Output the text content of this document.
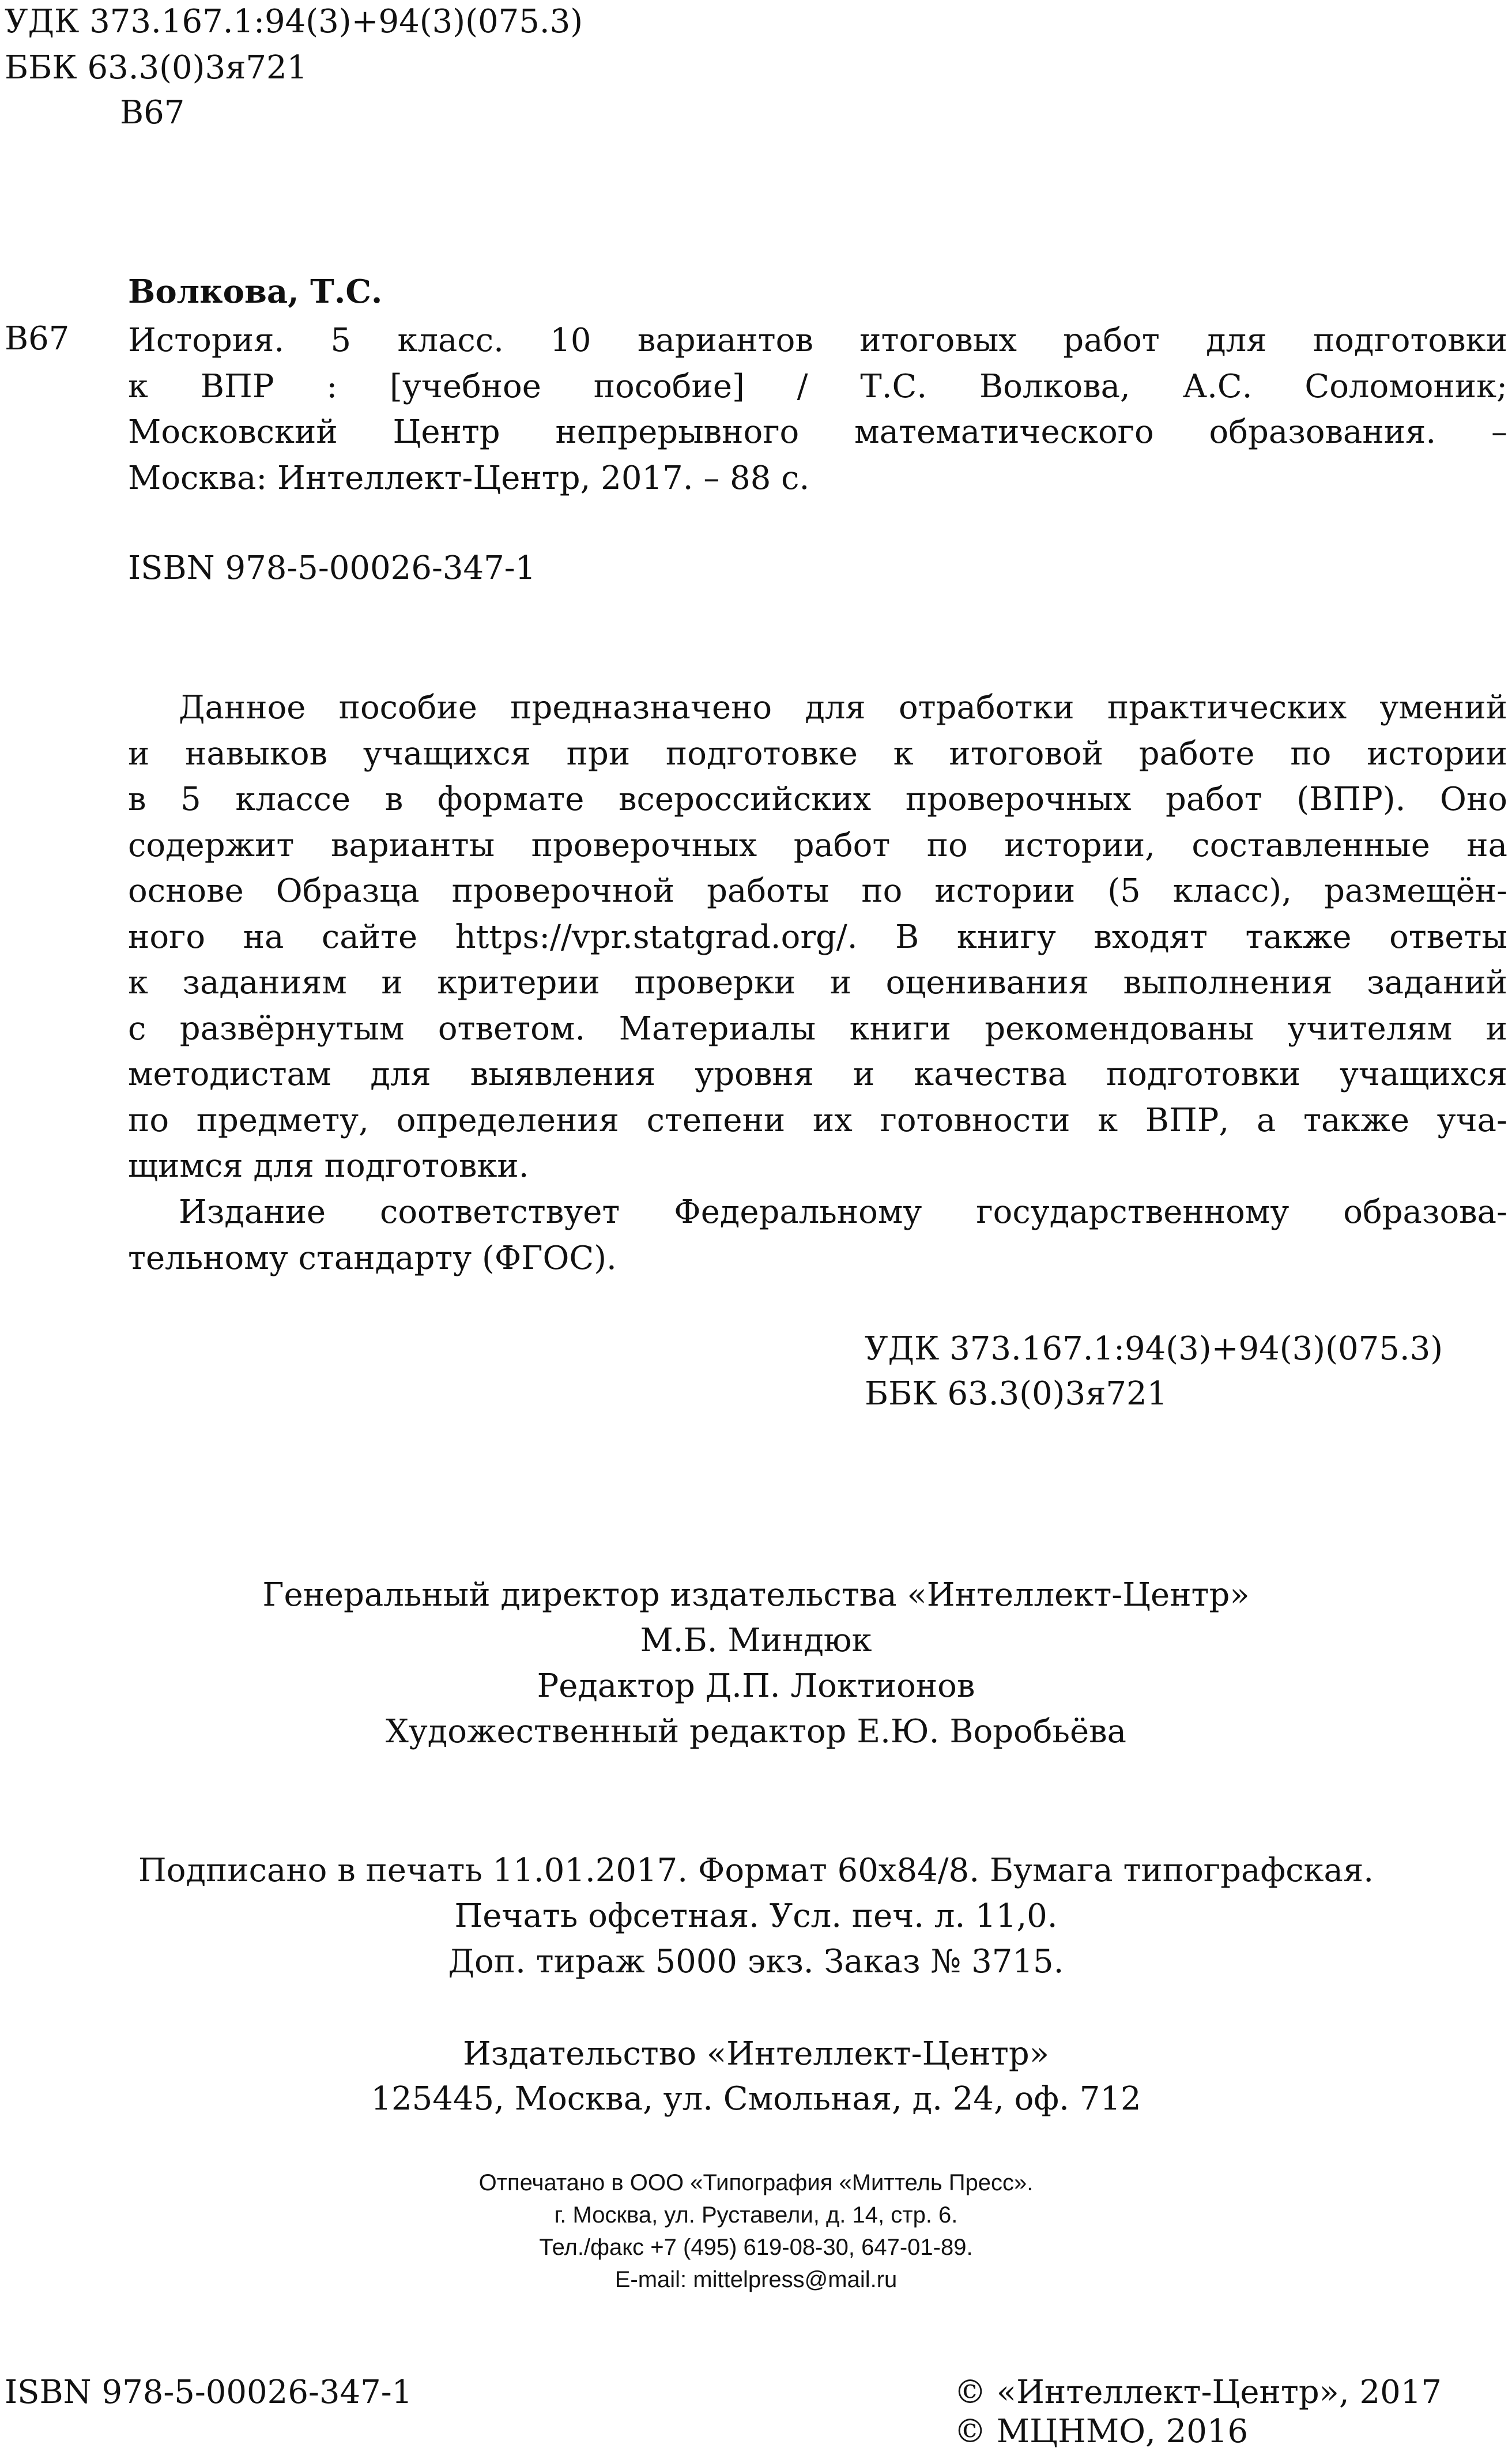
УДК 373.167.1:94(3)+94(3)(075.3)
ББК 63.3(0)3я721
В67
Волкова, Т.С.
В67 История. 5 класс. 10 вариантов итоговых работ для подготовки
к ВПР : [учебное пособие] / Т.С. Волкова, А.С. Соломоник;
Московский Центр непрерывного математического образования. –
Москва: Интеллект-Центр, 2017. – 88 с.
ISBN 978-5-00026-347-1
Данное пособие предназначено для отработки практических умений
и навыков учащихся при подготовке к итоговой работе по истории
в 5 классе в формате всероссийских проверочных работ (ВПР). Оно
содержит варианты проверочных работ по истории, составленные на
основе Образца проверочной работы по истории (5 класс), размещён-
ного на сайте https://vpr.statgrad.org/. В книгу входят также ответы
к заданиям и критерии проверки и оценивания выполнения заданий
с развёрнутым ответом. Материалы книги рекомендованы учителям и
методистам для выявления уровня и качества подготовки учащихся
по предмету, определения степени их готовности к ВПР, а также уча-
щимся для подготовки.
Издание соответствует Федеральному государственному образова-
тельному стандарту (ФГОС).
УДК 373.167.1:94(3)+94(3)(075.3)
ББК 63.3(0)3я721
Генеральный директор издательства «Интеллект-Центр»
М.Б. Миндюк
Редактор Д.П. Локтионов
Художественный редактор Е.Ю. Воробьёва
Подписано в печать 11.01.2017. Формат 60x84/8. Бумага типографская.
Печать офсетная. Усл. печ. л. 11,0.
Доп. тираж 5000 экз. Заказ № 3715.
Издательство «Интеллект-Центр»
125445, Москва, ул. Смольная, д. 24, оф. 712
Отпечатано в ООО «Типография «Миттель Пресс».
г. Москва, ул. Руставели, д. 14, стр. 6.
Тел./факс +7 (495) 619-08-30, 647-01-89.
E-mail: mittelpress@mail.ru
ISBN 978-5-00026-347-1	© «Интеллект-Центр», 2017
© МЦНМО, 2016
